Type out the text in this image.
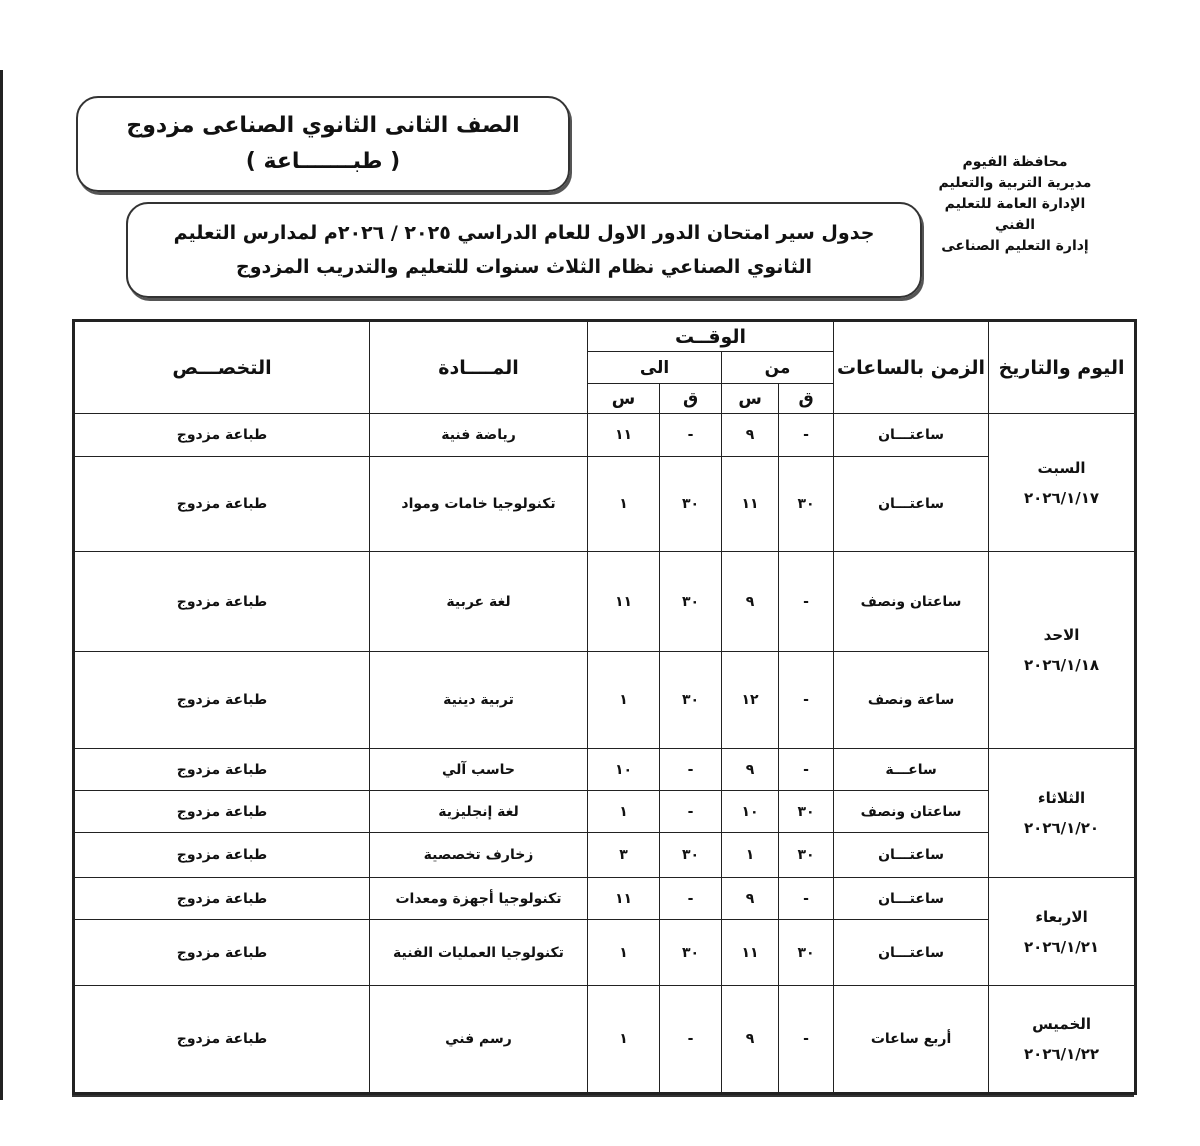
الصف الثانى الثانوي الصناعى مزدوج
( طبـــــــاعة )
جدول سير امتحان الدور الاول للعام الدراسي ٢٠٢٥ / ٢٠٢٦م لمدارس التعليم
الثانوي الصناعي نظام الثلاث سنوات للتعليم والتدريب المزدوج
محافظة الفيوم
مديرية التربية والتعليم
الإدارة العامة للتعليم الفني
إدارة التعليم الصناعى
اليوم والتاريخ	الزمن بالساعات	الوقــت				المــــادة	التخصـــص
		من		الى			
		ق	س	ق	س		

السبت
٢٠٢٦/١/١٧	ساعتـــان	-	٩	-	١١	رياضة فنية	طباعة مزدوج
	ساعتـــان	٣٠	١١	٣٠	١	تكنولوجيا خامات ومواد	طباعة مزدوج

الاحد
٢٠٢٦/١/١٨	ساعتان ونصف	-	٩	٣٠	١١	لغة عربية	طباعة مزدوج
	ساعة ونصف	-	١٢	٣٠	١	تربية دينية	طباعة مزدوج

الثلاثاء
٢٠٢٦/١/٢٠	ساعـــة	-	٩	-	١٠	حاسب آلي	طباعة مزدوج
	ساعتان ونصف	٣٠	١٠	-	١	لغة إنجليزية	طباعة مزدوج
	ساعتـــان	٣٠	١	٣٠	٣	زخارف تخصصية	طباعة مزدوج

الاربعاء
٢٠٢٦/١/٢١	ساعتـــان	-	٩	-	١١	تكنولوجيا أجهزة ومعدات	طباعة مزدوج
	ساعتـــان	٣٠	١١	٣٠	١	تكنولوجيا العمليات الفنية	طباعة مزدوج

الخميس
٢٠٢٦/١/٢٢	أربع ساعات	-	٩	-	١	رسم فني	طباعة مزدوج
